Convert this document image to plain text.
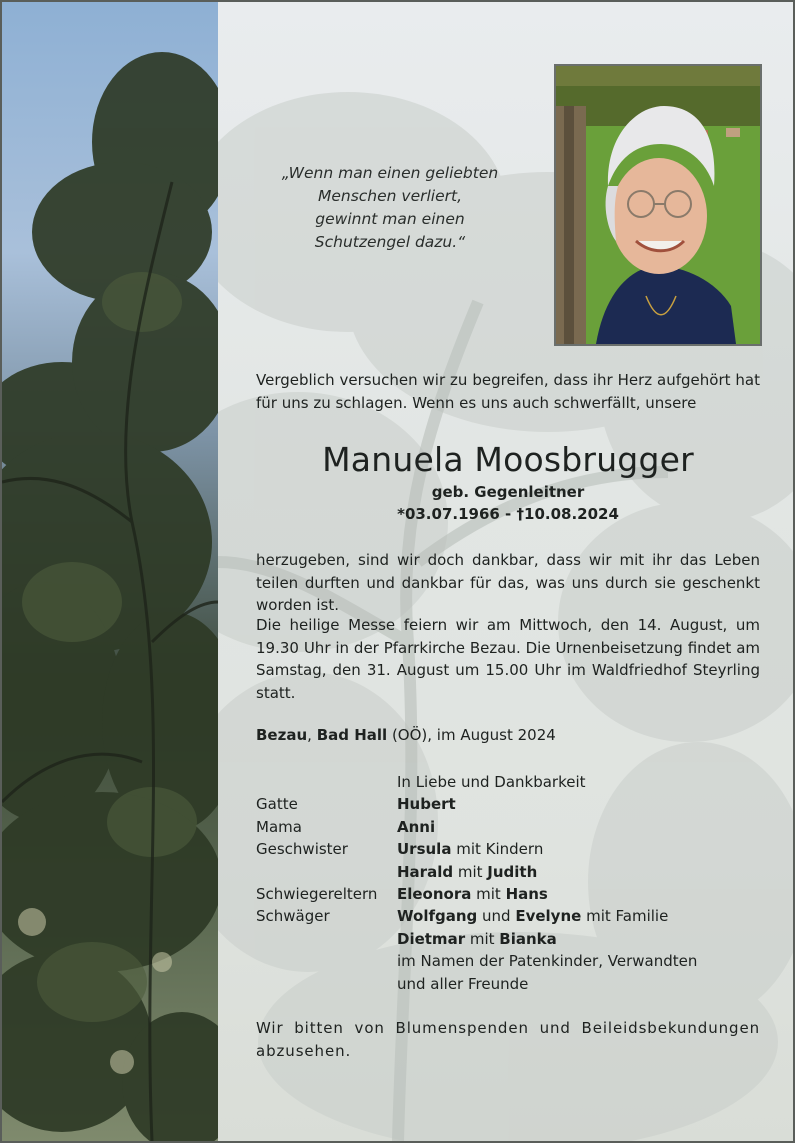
„Wenn man einen geliebten
Menschen verliert,
gewinnt man einen
Schutzengel dazu.“
Vergeblich versuchen wir zu begreifen, dass ihr Herz aufgehört hat für uns zu schlagen. Wenn es uns auch schwerfällt, unsere
Manuela Moosbrugger
geb. Gegenleitner
*03.07.1966 - †10.08.2024
herzugeben, sind wir doch dankbar, dass wir mit ihr das Leben teilen durften und dankbar für das, was uns durch sie geschenkt worden ist.
Die heilige Messe feiern wir am Mittwoch, den 14. August, um 19.30 Uhr in der Pfarrkirche Bezau. Die Urnenbeisetzung findet am Samstag, den 31. August um 15.00 Uhr im Waldfriedhof Steyrling statt.
Bezau, Bad Hall (OÖ), im August 2024
In Liebe und Dankbarkeit
Gatte	Hubert
Mama	Anni
Geschwister	Ursula mit Kindern
Harald mit Judith
Schwiegereltern	Eleonora mit Hans
Schwäger	Wolfgang und Evelyne mit Familie
Dietmar mit Bianka
im Namen der Patenkinder, Verwandten
und aller Freunde
Wir bitten von Blumenspenden und Beileidsbekundungen abzusehen.
